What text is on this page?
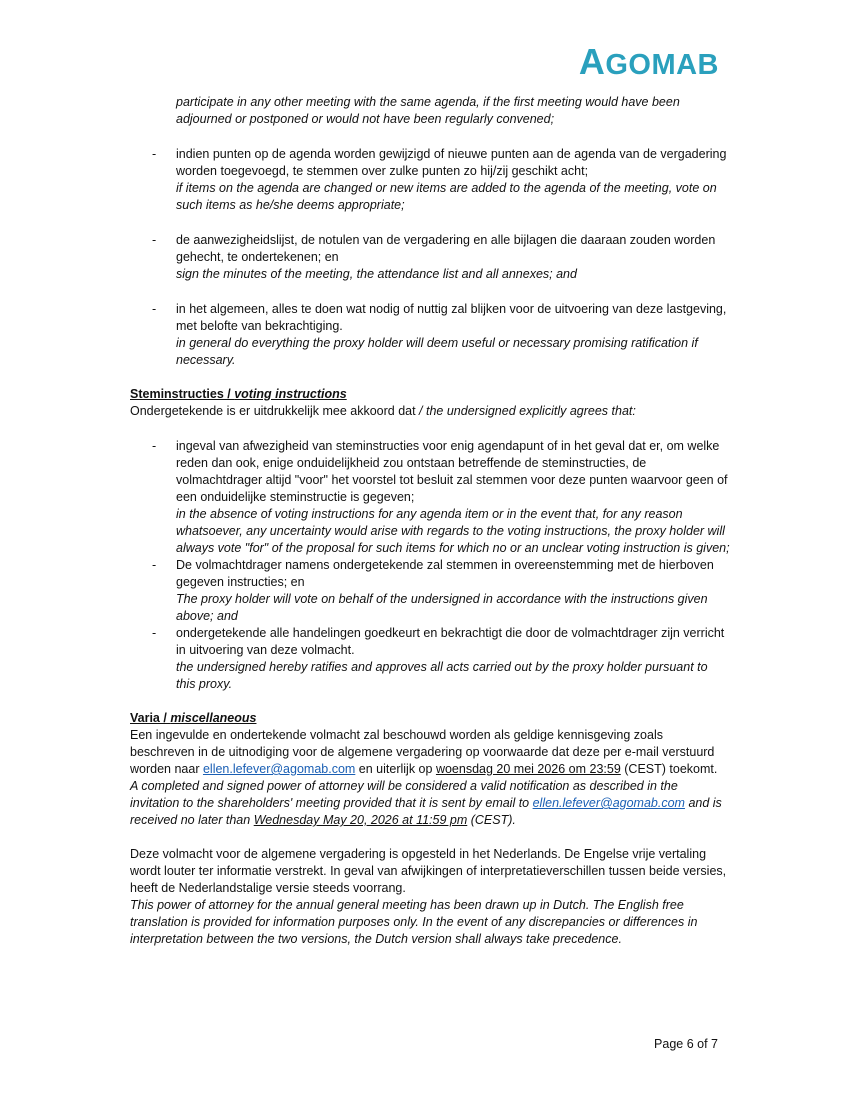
AGOMAB
participate in any other meeting with the same agenda, if the first meeting would have been adjourned or postponed or would not have been regularly convened;
- indien punten op de agenda worden gewijzigd of nieuwe punten aan de agenda van de vergadering worden toegevoegd, te stemmen over zulke punten zo hij/zij geschikt acht;
if items on the agenda are changed or new items are added to the agenda of the meeting, vote on such items as he/she deems appropriate;
- de aanwezigheidslijst, de notulen van de vergadering en alle bijlagen die daaraan zouden worden gehecht, te ondertekenen; en
sign the minutes of the meeting, the attendance list and all annexes; and
- in het algemeen, alles te doen wat nodig of nuttig zal blijken voor de uitvoering van deze lastgeving, met belofte van bekrachtiging.
in general do everything the proxy holder will deem useful or necessary promising ratification if necessary.
Steminstructies / voting instructions
Ondergetekende is er uitdrukkelijk mee akkoord dat / the undersigned explicitly agrees that:
- ingeval van afwezigheid van steminstructies voor enig agendapunt of in het geval dat er, om welke reden dan ook, enige onduidelijkheid zou ontstaan betreffende de steminstructies, de volmachtdrager altijd "voor" het voorstel tot besluit zal stemmen voor deze punten waarvoor geen of een onduidelijke steminstructie is gegeven;
in the absence of voting instructions for any agenda item or in the event that, for any reason whatsoever, any uncertainty would arise with regards to the voting instructions, the proxy holder will always vote "for" of the proposal for such items for which no or an unclear voting instruction is given;
- De volmachtdrager namens ondergetekende zal stemmen in overeenstemming met de hierboven gegeven instructies; en
The proxy holder will vote on behalf of the undersigned in accordance with the instructions given above; and
- ondergetekende alle handelingen goedkeurt en bekrachtigt die door de volmachtdrager zijn verricht in uitvoering van deze volmacht.
the undersigned hereby ratifies and approves all acts carried out by the proxy holder pursuant to this proxy.
Varia / miscellaneous
Een ingevulde en ondertekende volmacht zal beschouwd worden als geldige kennisgeving zoals beschreven in de uitnodiging voor de algemene vergadering op voorwaarde dat deze per e-mail verstuurd worden naar ellen.lefever@agomab.com en uiterlijk op woensdag 20 mei 2026 om 23:59 (CEST) toekomt.
A completed and signed power of attorney will be considered a valid notification as described in the invitation to the shareholders' meeting provided that it is sent by email to ellen.lefever@agomab.com and is received no later than Wednesday May 20, 2026 at 11:59 pm (CEST).
Deze volmacht voor de algemene vergadering is opgesteld in het Nederlands. De Engelse vrije vertaling wordt louter ter informatie verstrekt. In geval van afwijkingen of interpretatieverschillen tussen beide versies, heeft de Nederlandstalige versie steeds voorrang.
This power of attorney for the annual general meeting has been drawn up in Dutch. The English free translation is provided for information purposes only. In the event of any discrepancies or differences in interpretation between the two versions, the Dutch version shall always take precedence.
Page 6 of 7
